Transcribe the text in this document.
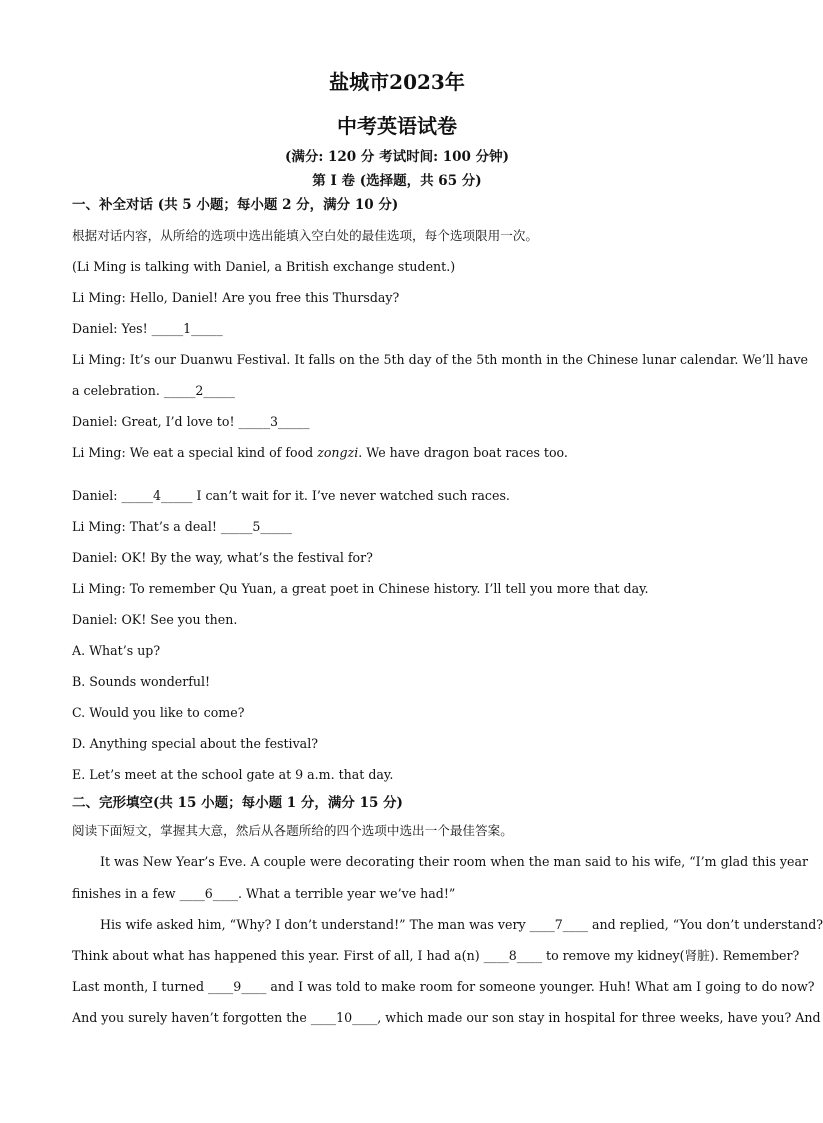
盐城市2023年
中考英语试卷
(满分: 120 分 考试时间: 100 分钟)
第 I 卷 (选择题，共 65 分)
一、补全对话 (共 5 小题；每小题 2 分，满分 10 分)
根据对话内容，从所给的选项中选出能填入空白处的最佳选项，每个选项限用一次。
(Li Ming is talking with Daniel, a British exchange student.)
Li Ming: Hello, Daniel! Are you free this Thursday?
Daniel: Yes! _____1_____
Li Ming: It’s our Duanwu Festival. It falls on the 5th day of the 5th month in the Chinese lunar calendar. We’ll have
a celebration. _____2_____
Daniel: Great, I’d love to! _____3_____
Li Ming: We eat a special kind of food zongzi. We have dragon boat races too.
Daniel: _____4_____ I can’t wait for it. I’ve never watched such races.
Li Ming: That’s a deal! _____5_____
Daniel: OK! By the way, what’s the festival for?
Li Ming: To remember Qu Yuan, a great poet in Chinese history. I’ll tell you more that day.
Daniel: OK! See you then.
A. What’s up?
B. Sounds wonderful!
C. Would you like to come?
D. Anything special about the festival?
E. Let’s meet at the school gate at 9 a.m. that day.
二、完形填空(共 15 小题；每小题 1 分，满分 15 分)
阅读下面短文，掌握其大意，然后从各题所给的四个选项中选出一个最佳答案。
It was New Year’s Eve. A couple were decorating their room when the man said to his wife, “I’m glad this year
finishes in a few ____6____. What a terrible year we’ve had!”
His wife asked him, “Why? I don’t understand!” The man was very ____7____ and replied, “You don’t understand?
Think about what has happened this year. First of all, I had a(n) ____8____ to remove my kidney(肾脏). Remember?
Last month, I turned ____9____ and I was told to make room for someone younger. Huh! What am I going to do now?
And you surely haven’t forgotten the ____10____, which made our son stay in hospital for three weeks, have you? And
